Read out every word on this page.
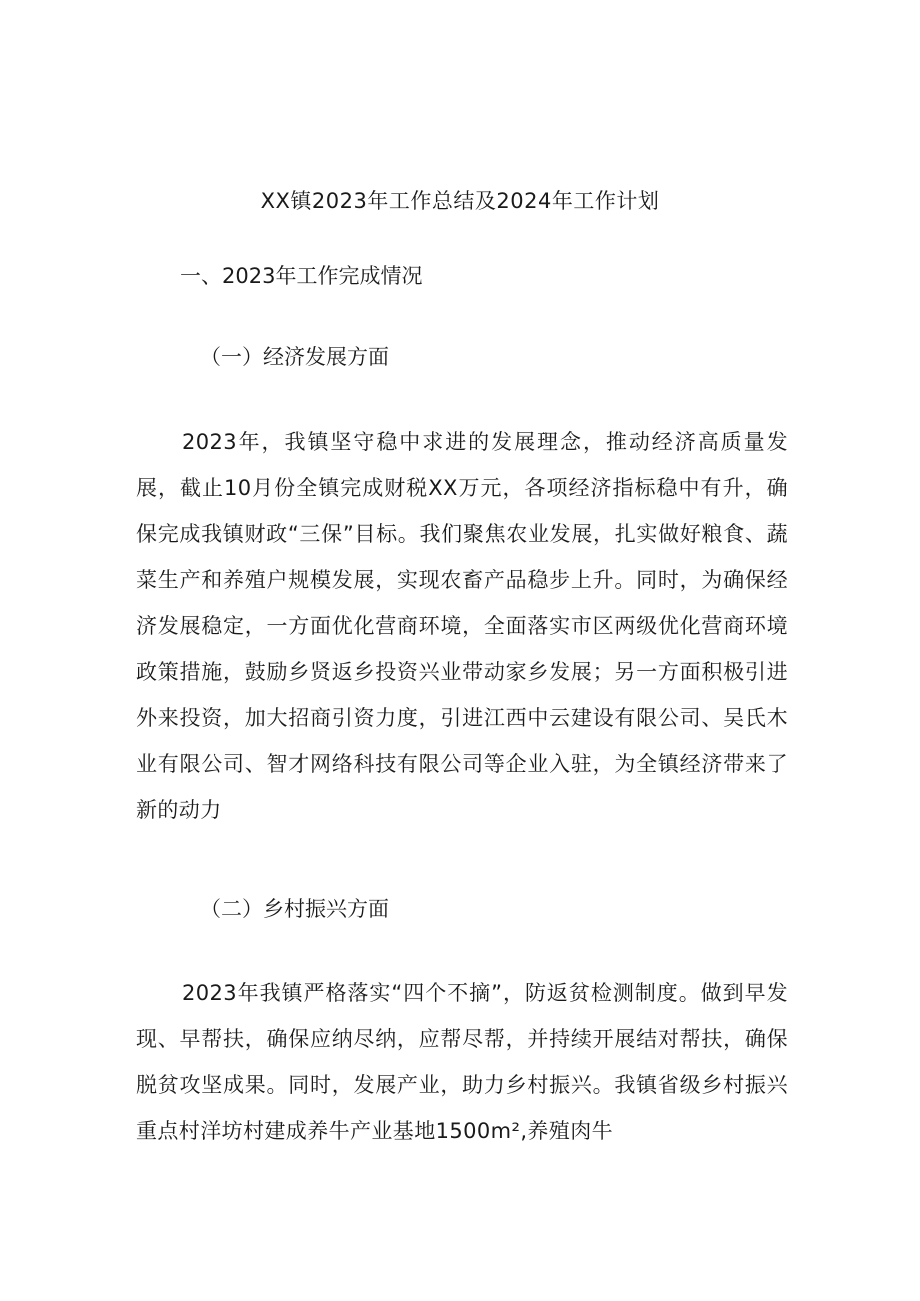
XX镇2023年工作总结及2024年工作计划
一、2023年工作完成情况
（一）经济发展方面

2023年，我镇坚守稳中求进的发展理念，推动经济高质量发展，截止10月份全镇完成财税XX万元，各项经济指标稳中有升，确保完成我镇财政“三保”目标。我们聚焦农业发展，扎实做好粮食、蔬菜生产和养殖户规模发展，实现农畜产品稳步上升。同时，为确保经济发展稳定，一方面优化营商环境，全面落实市区两级优化营商环境政策措施，鼓励乡贤返乡投资兴业带动家乡发展；另一方面积极引进外来投资，加大招商引资力度，引进江西中云建设有限公司、吴氏木业有限公司、智才网络科技有限公司等企业入驻，为全镇经济带来了新的动力

（二）乡村振兴方面

2023年我镇严格落实“四个不摘”，防返贫检测制度。做到早发现、早帮扶，确保应纳尽纳，应帮尽帮，并持续开展结对帮扶，确保脱贫攻坚成果。同时，发展产业，助力乡村振兴。我镇省级乡村振兴重点村洋坊村建成养牛产业基地1500m²,养殖肉牛
